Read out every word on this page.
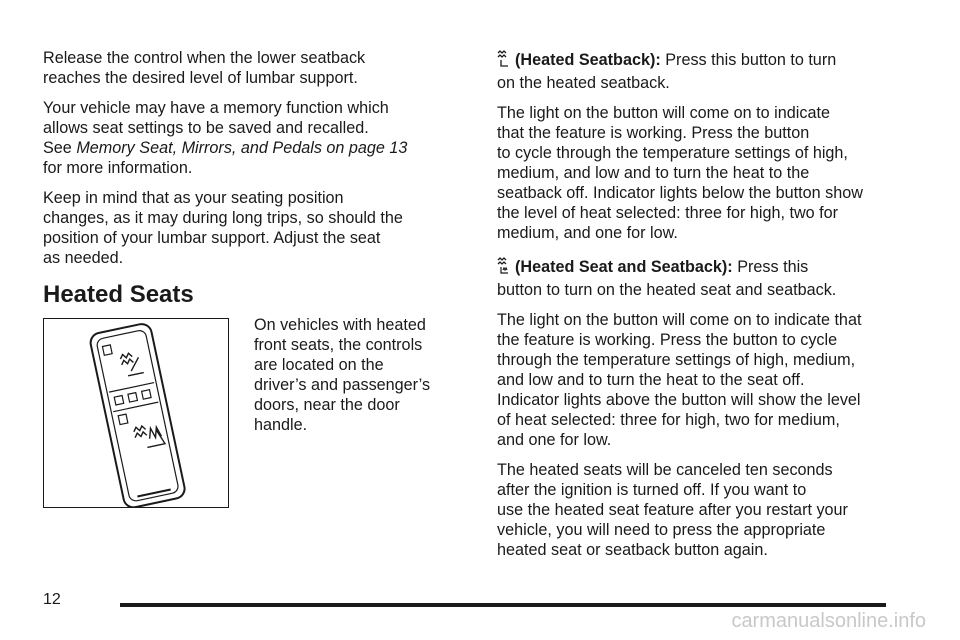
Release the control when the lower seatback
reaches the desired level of lumbar support.

Your vehicle may have a memory function which
allows seat settings to be saved and recalled.
See Memory Seat, Mirrors, and Pedals on page 13
for more information.

Keep in mind that as your seating position
changes, as it may during long trips, so should the
position of your lumbar support. Adjust the seat
as needed.

Heated Seats
On vehicles with heated
front seats, the controls
are located on the
driver’s and passenger’s
doors, near the door
handle.

(Heated Seatback): Press this button to turn
on the heated seatback.

The light on the button will come on to indicate
that the feature is working. Press the button
to cycle through the temperature settings of high,
medium, and low and to turn the heat to the
seatback off. Indicator lights below the button show
the level of heat selected: three for high, two for
medium, and one for low.

(Heated Seat and Seatback): Press this
button to turn on the heated seat and seatback.

The light on the button will come on to indicate that
the feature is working. Press the button to cycle
through the temperature settings of high, medium,
and low and to turn the heat to the seat off.
Indicator lights above the button will show the level
of heat selected: three for high, two for medium,
and one for low.

The heated seats will be canceled ten seconds
after the ignition is turned off. If you want to
use the heated seat feature after you restart your
vehicle, you will need to press the appropriate
heated seat or seatback button again.

12
carmanualsonline.info
